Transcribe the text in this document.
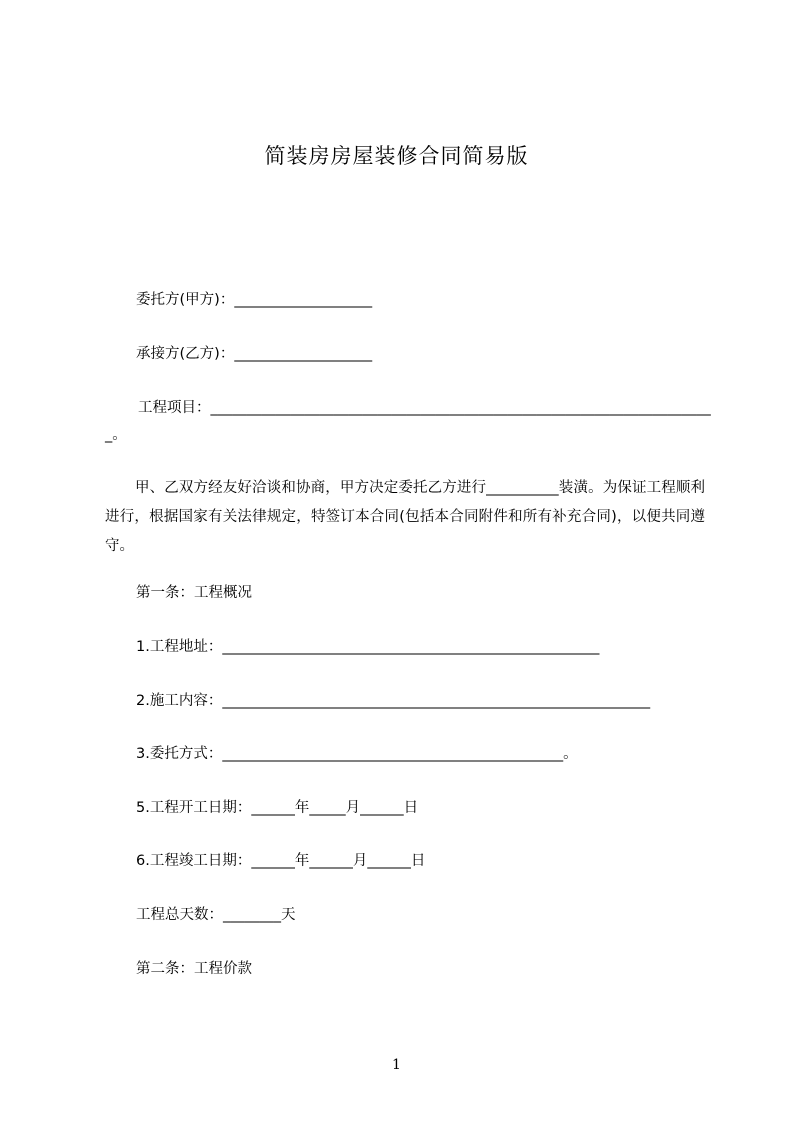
简装房房屋装修合同简易版
委托方(甲方)：___________________
承接方(乙方)：___________________
工程项目：_____________________________________________________________________
_。
甲、乙双方经友好洽谈和协商，甲方决定委托乙方进行__________装潢。为保证工程顺利进行，根据国家有关法律规定，特签订本合同(包括本合同附件和所有补充合同)，以便共同遵守。
第一条：工程概况
1.工程地址：____________________________________________________
2.施工内容：___________________________________________________________
3.委托方式：_______________________________________________。
5.工程开工日期：______年_____月______日
6.工程竣工日期：______年______月______日
工程总天数：________天
第二条：工程价款
1
